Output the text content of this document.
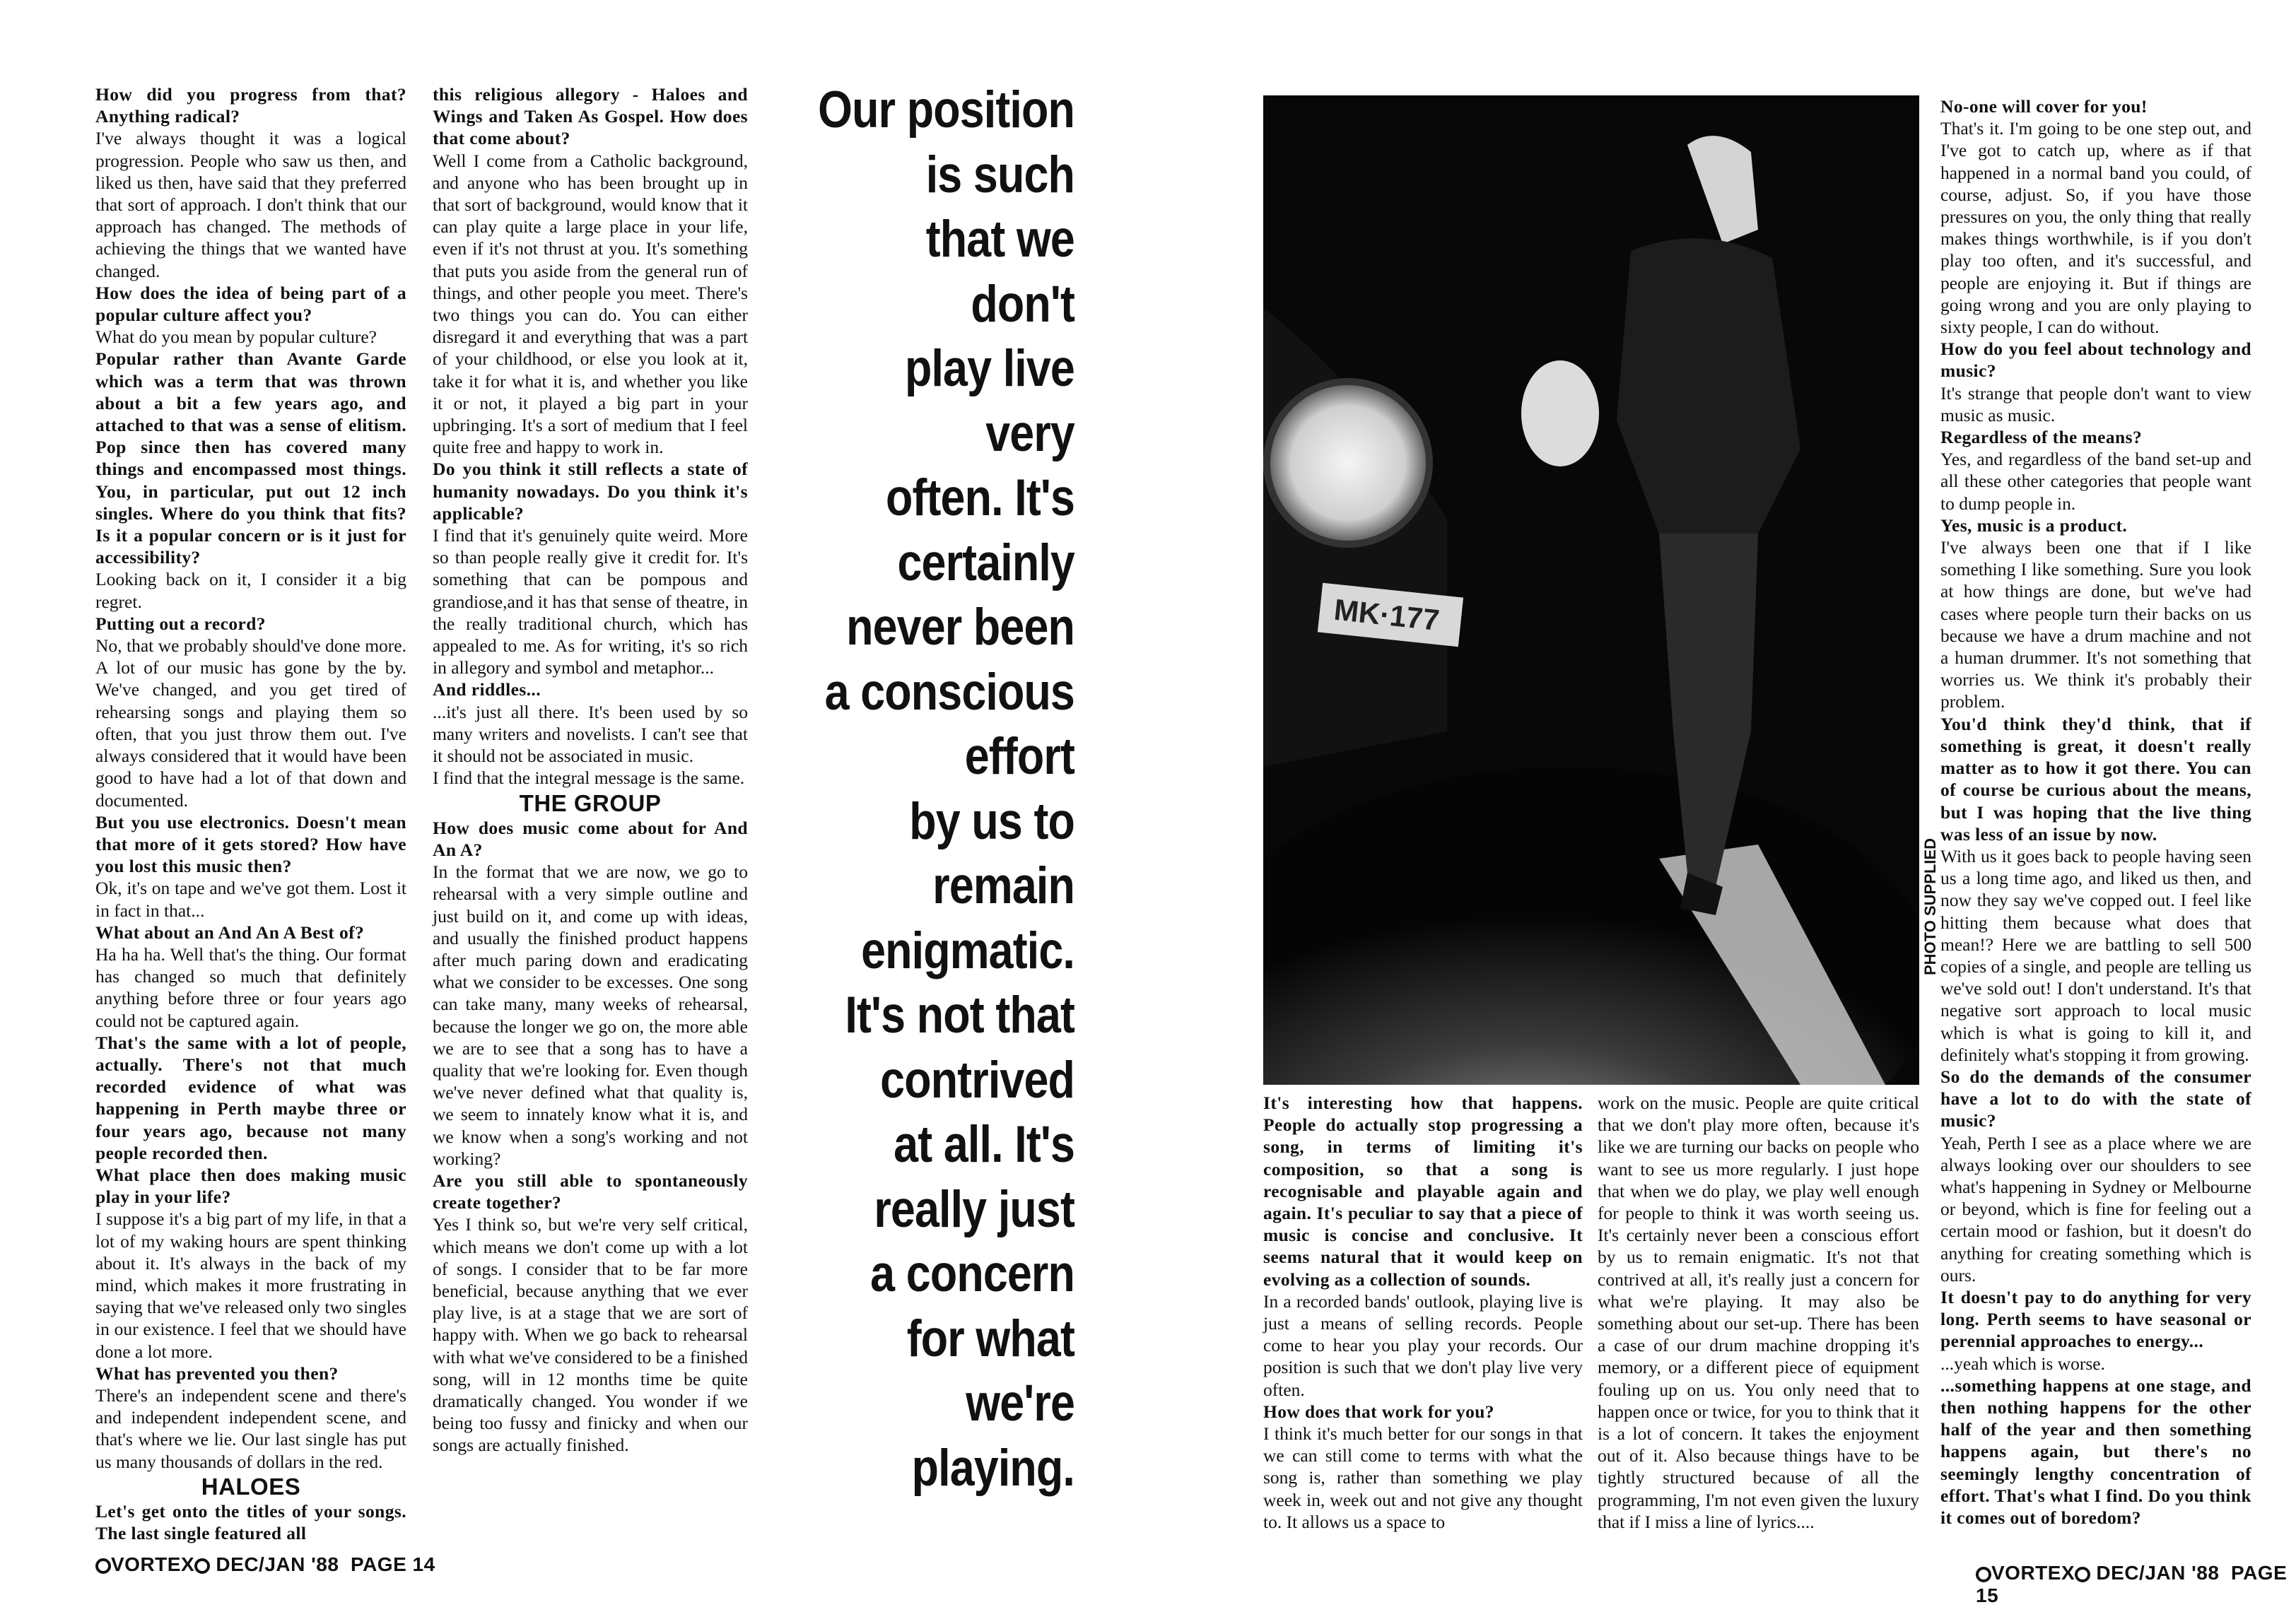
How did you progress from that? Anything radical?

I've always thought it was a logical progression. People who saw us then, and liked us then, have said that they preferred that sort of approach. I don't think that our approach has changed. The methods of achieving the things that we wanted have changed.

How does the idea of being part of a popular culture affect you?

What do you mean by popular culture?

Popular rather than Avante Garde which was a term that was thrown about a bit a few years ago, and attached to that was a sense of elitism. Pop since then has covered many things and encompassed most things. You, in particular, put out 12 inch singles. Where do you think that fits? Is it a popular concern or is it just for accessibility?

Looking back on it, I consider it a big regret.

Putting out a record?

No, that we probably should've done more. A lot of our music has gone by the by. We've changed, and you get tired of rehearsing songs and playing them so often, that you just throw them out. I've always considered that it would have been good to have had a lot of that down and documented.

But you use electronics. Doesn't mean that more of it gets stored? How have you lost this music then?

Ok, it's on tape and we've got them. Lost it in fact in that...

What about an And An A Best of?

Ha ha ha. Well that's the thing. Our format has changed so much that definitely anything before three or four years ago could not be captured again.

That's the same with a lot of people, actually. There's not that much recorded evidence of what was happening in Perth maybe three or four years ago, because not many people recorded then.

What place then does making music play in your life?

I suppose it's a big part of my life, in that a lot of my waking hours are spent thinking about it. It's always in the back of my mind, which makes it more frustrating in saying that we've released only two singles in our existence. I feel that we should have done a lot more.

What has prevented you then?

There's an independent scene and there's and independent independent scene, and that's where we lie. Our last single has put us many thousands of dollars in the red.

HALOES

Let's get onto the titles of your songs. The last single featured all

this religious allegory - Haloes and Wings and Taken As Gospel. How does that come about?

Well I come from a Catholic background, and anyone who has been brought up in that sort of background, would know that it can play quite a large place in your life, even if it's not thrust at you. It's something that puts you aside from the general run of things, and other people you meet. There's two things you can do. You can either disregard it and everything that was a part of your childhood, or else you look at it, take it for what it is, and whether you like it or not, it played a big part in your upbringing. It's a sort of medium that I feel quite free and happy to work in.

Do you think it still reflects a state of humanity nowadays. Do you think it's applicable?

I find that it's genuinely quite weird. More so than people really give it credit for. It's something that can be pompous and grandiose,and it has that sense of theatre, in the really traditional church, which has appealed to me. As for writing, it's so rich in allegory and symbol and metaphor...

And riddles...

...it's just all there. It's been used by so many writers and novelists. I can't see that it should not be associated in music.

I find that the integral message is the same.

THE GROUP

How does music come about for And An A?

In the format that we are now, we go to rehearsal with a very simple outline and just build on it, and come up with ideas, and usually the finished product happens after much paring down and eradicating what we consider to be excesses. One song can take many, many weeks of rehearsal, because the longer we go on, the more able we are to see that a song has to have a quality that we're looking for. Even though we've never defined what that quality is, we seem to innately know what it is, and we know when a song's working and not working?

Are you still able to spontaneously create together?

Yes I think so, but we're very self critical, which means we don't come up with a lot of songs. I consider that to be far more beneficial, because anything that we ever play live, is at a stage that we are sort of happy with. When we go back to rehearsal with what we've considered to be a finished song, will in 12 months time be quite dramatically changed. You wonder if we being too fussy and finicky and when our songs are actually finished.

Our position
is such
that we
don't
play live
very
often. It's
certainly
never been
a conscious
effort
by us to
remain
enigmatic.
It's not that
contrived
at all. It's
really just
a concern
for what
we're
playing.
VORTEX DEC/JAN '88 PAGE 14
MK·177
PHOTO SUPPLIED

It's interesting how that happens. People do actually stop progressing a song, in terms of limiting it's composition, so that a song is recognisable and playable again and again. It's peculiar to say that a piece of music is concise and conclusive. It seems natural that it would keep on evolving as a collection of sounds.

In a recorded bands' outlook, playing live is just a means of selling records. People come to hear you play your records. Our position is such that we don't play live very often.

How does that work for you?

I think it's much better for our songs in that we can still come to terms with what the song is, rather than something we play week in, week out and not give any thought to. It allows us a space to

work on the music. People are quite critical that we don't play more often, because it's like we are turning our backs on people who want to see us more regularly. I just hope that when we do play, we play well enough for people to think it was worth seeing us. It's certainly never been a conscious effort by us to remain enigmatic. It's not that contrived at all, it's really just a concern for what we're playing. It may also be something about our set-up. There has been a case of our drum machine dropping it's memory, or a different piece of equipment fouling up on us. You only need that to happen once or twice, for you to think that it is a lot of concern. It takes the enjoyment out of it. Also because things have to be tightly structured because of all the programming, I'm not even given the luxury that if I miss a line of lyrics....

No-one will cover for you!

That's it. I'm going to be one step out, and I've got to catch up, where as if that happened in a normal band you could, of course, adjust. So, if you have those pressures on you, the only thing that really makes things worthwhile, is if you don't play too often, and it's successful, and people are enjoying it. But if things are going wrong and you are only playing to sixty people, I can do without.

How do you feel about technology and music?

It's strange that people don't want to view music as music.

Regardless of the means?

Yes, and regardless of the band set-up and all these other categories that people want to dump people in.

Yes, music is a product.

I've always been one that if I like something I like something. Sure you look at how things are done, but we've had cases where people turn their backs on us because we have a drum machine and not a human drummer. It's not something that worries us. We think it's probably their problem.

You'd think they'd think, that if something is great, it doesn't really matter as to how it got there. You can of course be curious about the means, but I was hoping that the live thing was less of an issue by now.

With us it goes back to people having seen us a long time ago, and liked us then, and now they say we've copped out. I feel like hitting them because what does that mean!? Here we are battling to sell 500 copies of a single, and people are telling us we've sold out! I don't understand. It's that negative sort approach to local music which is what is going to kill it, and definitely what's stopping it from growing.

So do the demands of the consumer have a lot to do with the state of music?

Yeah, Perth I see as a place where we are always looking over our shoulders to see what's happening in Sydney or Melbourne or beyond, which is fine for feeling out a certain mood or fashion, but it doesn't do anything for creating something which is ours.

It doesn't pay to do anything for very long. Perth seems to have seasonal or perennial approaches to energy...

...yeah which is worse.

...something happens at one stage, and then nothing happens for the other half of the year and then something happens again, but there's no seemingly lengthy concentration of effort. That's what I find. Do you think it comes out of boredom?

VORTEX DEC/JAN '88 PAGE 15
